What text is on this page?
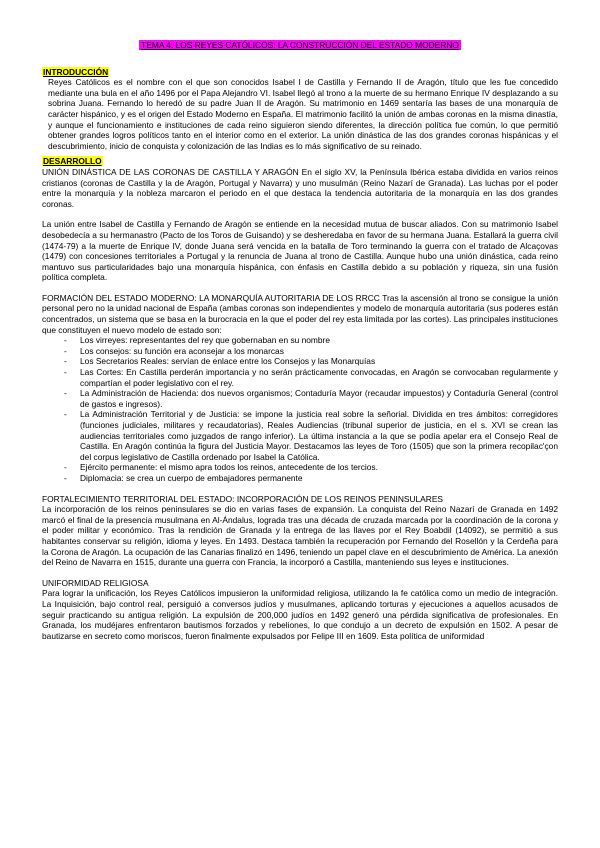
TEMA 4. LOS REYES CATÓLICOS: LA CONSTRUCCIÓN DEL ESTADO MODERNO
INTRODUCCIÓN

Reyes Católicos es el nombre con el que son conocidos Isabel I de Castilla y Fernando II de Aragón, título que les fue concedido mediante una bula en el año 1496 por el Papa Alejandro VI. Isabel llegó al trono a la muerte de su hermano Enrique IV desplazando a su sobrina Juana. Fernando lo heredó de su padre Juan II de Aragón. Su matrimonio en 1469 sentaría las bases de una monarquía de carácter hispánico, y es el origen del Estado Moderno en España. El matrimonio facilitó la unión de ambas coronas en la misma dinastía, y aunque el funcionamiento e instituciones de cada reino siguieron siendo diferentes, la dirección política fue común, lo que permitió obtener grandes logros políticos tanto en el interior como en el exterior. La unión dinástica de las dos grandes coronas hispánicas y el descubrimiento, inicio de conquista y colonización de las Indias es lo más significativo de su reinado.

DESARROLLO

UNIÓN DINÁSTICA DE LAS CORONAS DE CASTILLA Y ARAGÓN En el siglo XV, la Península Ibérica estaba dividida en varios reinos cristianos (coronas de Castilla y la de Aragón, Portugal y Navarra) y uno musulmán (Reino Nazarí de Granada). Las luchas por el poder entre la monarquía y la nobleza marcaron el periodo en el que destaca la tendencia autoritaria de la monarquía en las dos grandes coronas.

La unión entre Isabel de Castilla y Fernando de Aragón se entiende en la necesidad mutua de buscar aliados. Con su matrimonio Isabel desobedecía a su hermanastro (Pacto de los Toros de Guisando) y se desheredaba en favor de su hermana Juana. Estallará la guerra civil (1474-79) a la muerte de Enrique IV, donde Juana será vencida en la batalla de Toro terminando la guerra con el tratado de Alcaçovas (1479) con concesiones territoriales a Portugal y la renuncia de Juana al trono de Castilla. Aunque hubo una unión dinástica, cada reino mantuvo sus particularidades bajo una monarquía hispánica, con énfasis en Castilla debido a su población y riqueza, sin una fusión política completa.

FORMACIÓN DEL ESTADO MODERNO: LA MONARQUÍA AUTORITARIA DE LOS RRCC Tras la ascensión al trono se consigue la unión personal pero no la unidad nacional de España (ambas coronas son independientes y modelo de monarquía autoritaria (sus poderes están concentrados, un sistema que se basa en la burocracia en la que el poder del rey esta limitada por las cortes). Las principales instituciones que constituyen el nuevo modelo de estado son:

- Los virreyes: representantes del rey que gobernaban en su nombre
- Los consejos: su función era aconsejar a los monarcas
- Los Secretarios Reales: servían de enlace entre los Consejos y las Monarquías
- Las Cortes: En Castilla perderán importancia y no serán prácticamente convocadas, en Aragón se convocaban regularmente y compartían el poder legislativo con el rey.
- La Administración de Hacienda: dos nuevos organismos; Contaduría Mayor (recaudar impuestos) y Contaduría General (control de gastos e ingresos).
- La Administración Territorial y de Justicia: se impone la justicia real sobre la señorial. Dividida en tres ámbitos: corregidores (funciones judiciales, militares y recaudatorias), Reales Audiencias (tribunal superior de justicia, en el s. XVI se crean las audiencias territoriales como juzgados de rango inferior). La última instancia a la que se podía apelar era el Consejo Real de Castilla. En Aragón continúa la figura del Justicia Mayor. Destacamos las leyes de Toro (1505) que son la primera recopilac'çon del corpus legislativo de Castilla ordenado por Isabel la Católica.
- Ejército permanente: el mismo apra todos los reinos, antecedente de los tercios.
- Diplomacia: se crea un cuerpo de embajadores permanente

FORTALECIMIENTO TERRITORIAL DEL ESTADO: INCORPORACIÓN DE LOS REINOS PENINSULARES

La incorporación de los reinos peninsulares se dio en varias fases de expansión. La conquista del Reino Nazarí de Granada en 1492 marcó el final de la presencia musulmana en Al-Ándalus, lograda tras una década de cruzada marcada por la coordinación de la corona y el poder militar y económico. Tras la rendición de Granada y la entrega de las llaves por el Rey Boabdil (14092), se permitió a sus habitantes conservar su religión, idioma y leyes. En 1493. Destaca también la recuperación por Fernando del Rosellón y la Cerdeña para la Corona de Aragón. La ocupación de las Canarias finalizó en 1496, teniendo un papel clave en el descubrimiento de América. La anexión del Reino de Navarra en 1515, durante una guerra con Francia, la incorporó a Castilla, manteniendo sus leyes e instituciones.

UNIFORMIDAD RELIGIOSA

Para lograr la unificación, los Reyes Católicos impusieron la uniformidad religiosa, utilizando la fe católica como un medio de integración. La Inquisición, bajo control real, persiguió a conversos judíos y musulmanes, aplicando torturas y ejecuciones a aquellos acusados de seguir practicando su antigua religión. La expulsión de 200,000 judíos en 1492 generó una pérdida significativa de profesionales. En Granada, los mudéjares enfrentaron bautismos forzados y rebeliones, lo que condujo a un decreto de expulsión en 1502. A pesar de bautizarse en secreto como moriscos, fueron finalmente expulsados por Felipe III en 1609. Esta política de uniformidad
